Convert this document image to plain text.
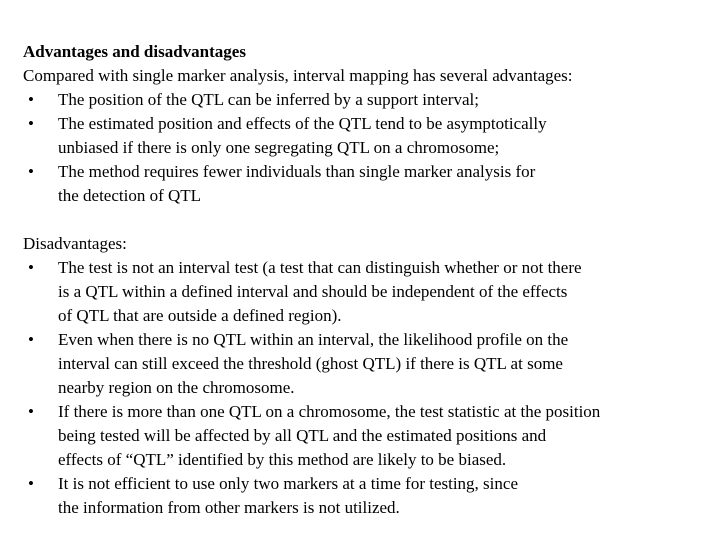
Advantages and disadvantages

Compared with single marker analysis, interval mapping has several advantages:

• The position of the QTL can be inferred by a support interval;
• The estimated position and effects of the QTL tend to be asymptotically
unbiased if there is only one segregating QTL on a chromosome;
• The method requires fewer individuals than single marker analysis for
the detection of QTL

Disadvantages:

• The test is not an interval test (a test that can distinguish whether or not there
is a QTL within a defined interval and should be independent of the effects
of QTL that are outside a defined region).
• Even when there is no QTL within an interval, the likelihood profile on the
interval can still exceed the threshold (ghost QTL) if there is QTL at some
nearby region on the chromosome.
• If there is more than one QTL on a chromosome, the test statistic at the position
being tested will be affected by all QTL and the estimated positions and
effects of “QTL” identified by this method are likely to be biased.
• It is not efficient to use only two markers at a time for testing, since
the information from other markers is not utilized.
